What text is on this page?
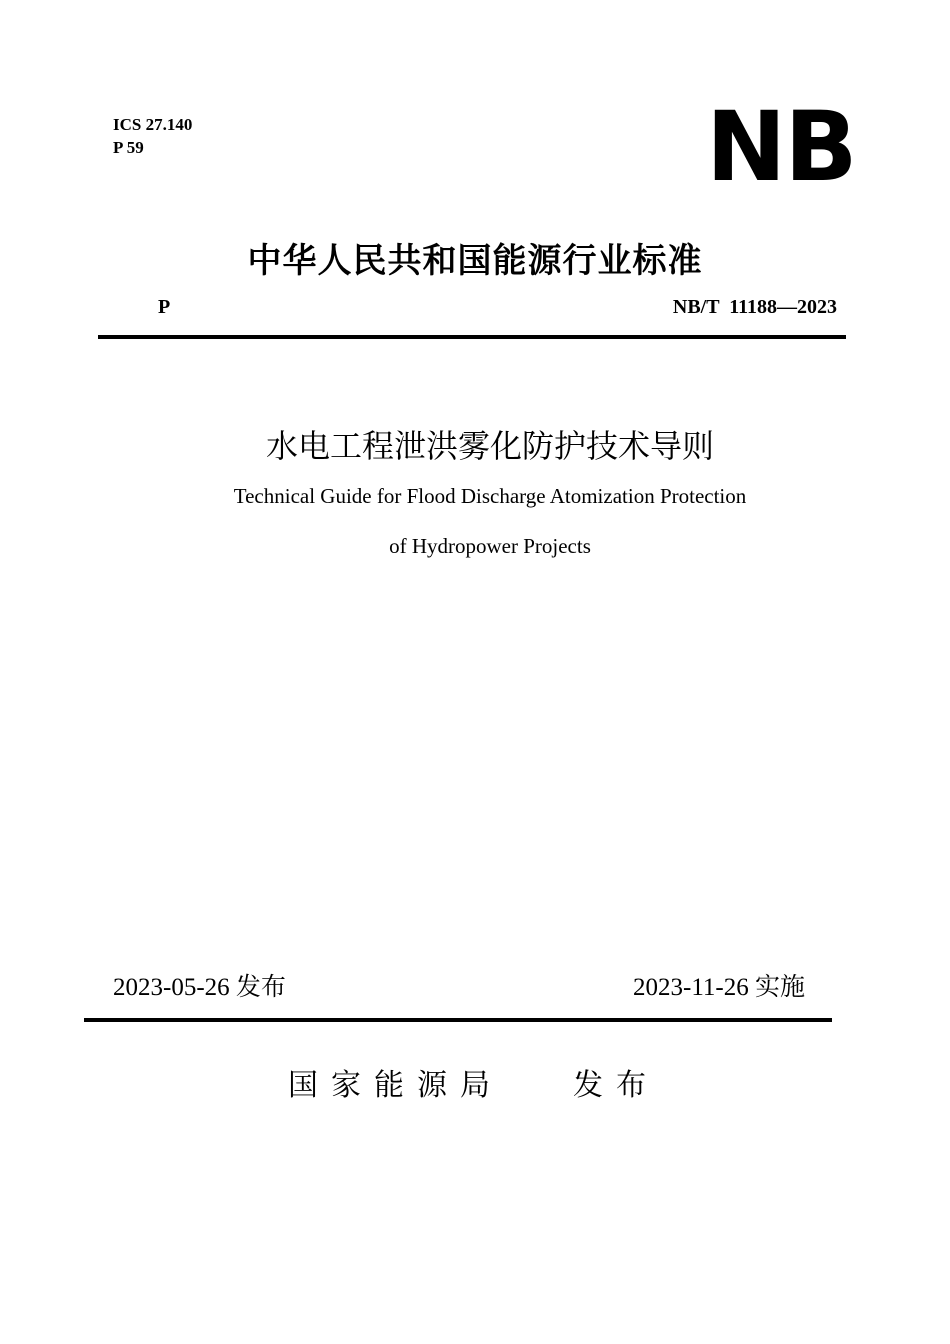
ICS 27.140
P 59	NB
中华人民共和国能源行业标准
P	NB/T  11188—2023
水电工程泄洪雾化防护技术导则
Technical Guide for Flood Discharge Atomization Protection
of Hydropower Projects
2023-05-26 发布	2023-11-26 实施
国家能源局 发布
